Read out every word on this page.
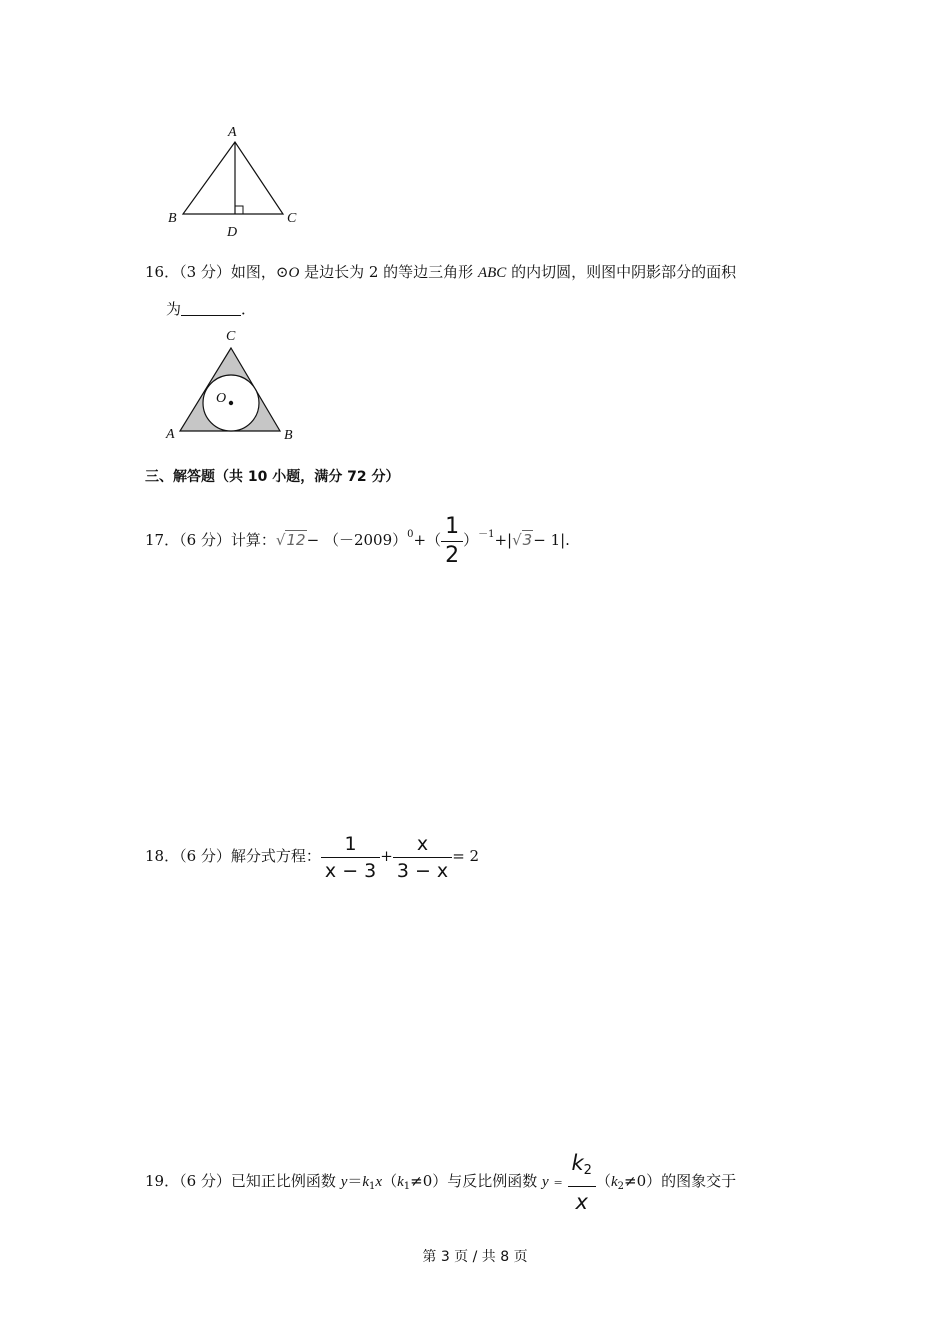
A
B	C
D
16．（3 分）如图，⊙O 是边长为 2 的等边三角形 ABC 的内切圆，则图中阴影部分的面积
为	．
C
A	B
O
三、解答题（共 10 小题，满分 72 分）
17．（6 分）计算：$√12- (-2009)^0+( \frac{1}{2} )^{-1}+|√3- 1|$.
18．（6 分）解分式方程： $\frac{1}{x - 3} + \frac{x}{3 - x} = 2$
19．（6 分）已知正比例函数 $y=k_1x(k_1\ne 0)$与反比例函数 $y = \frac{k2}{x} (k_2\ne 0)$的图象交于
第 3 页 / 共 8 页
